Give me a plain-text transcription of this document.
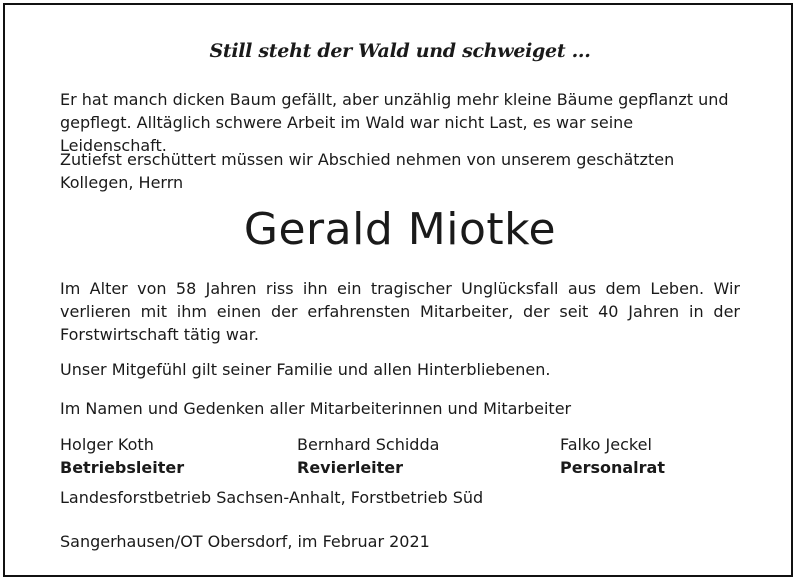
Still steht der Wald und schweiget ...
Er hat manch dicken Baum gefällt, aber unzählig mehr kleine Bäume gepflanzt und gepflegt. Alltäglich schwere Arbeit im Wald war nicht Last, es war seine Leidenschaft.
Zutiefst erschüttert müssen wir Abschied nehmen von unserem geschätzten Kollegen, Herrn
Gerald Miotke
Im Alter von 58 Jahren riss ihn ein tragischer Unglücksfall aus dem Leben. Wir verlieren mit ihm einen der erfahrensten Mitarbeiter, der seit 40 Jahren in der Forstwirtschaft tätig war.
Unser Mitgefühl gilt seiner Familie und allen Hinterbliebenen.
Im Namen und Gedenken aller Mitarbeiterinnen und Mitarbeiter
Holger Koth
Betriebsleiter
Bernhard Schidda
Revierleiter
Falko Jeckel
Personalrat
Landesforstbetrieb Sachsen-Anhalt, Forstbetrieb Süd
Sangerhausen/OT Obersdorf, im Februar 2021
